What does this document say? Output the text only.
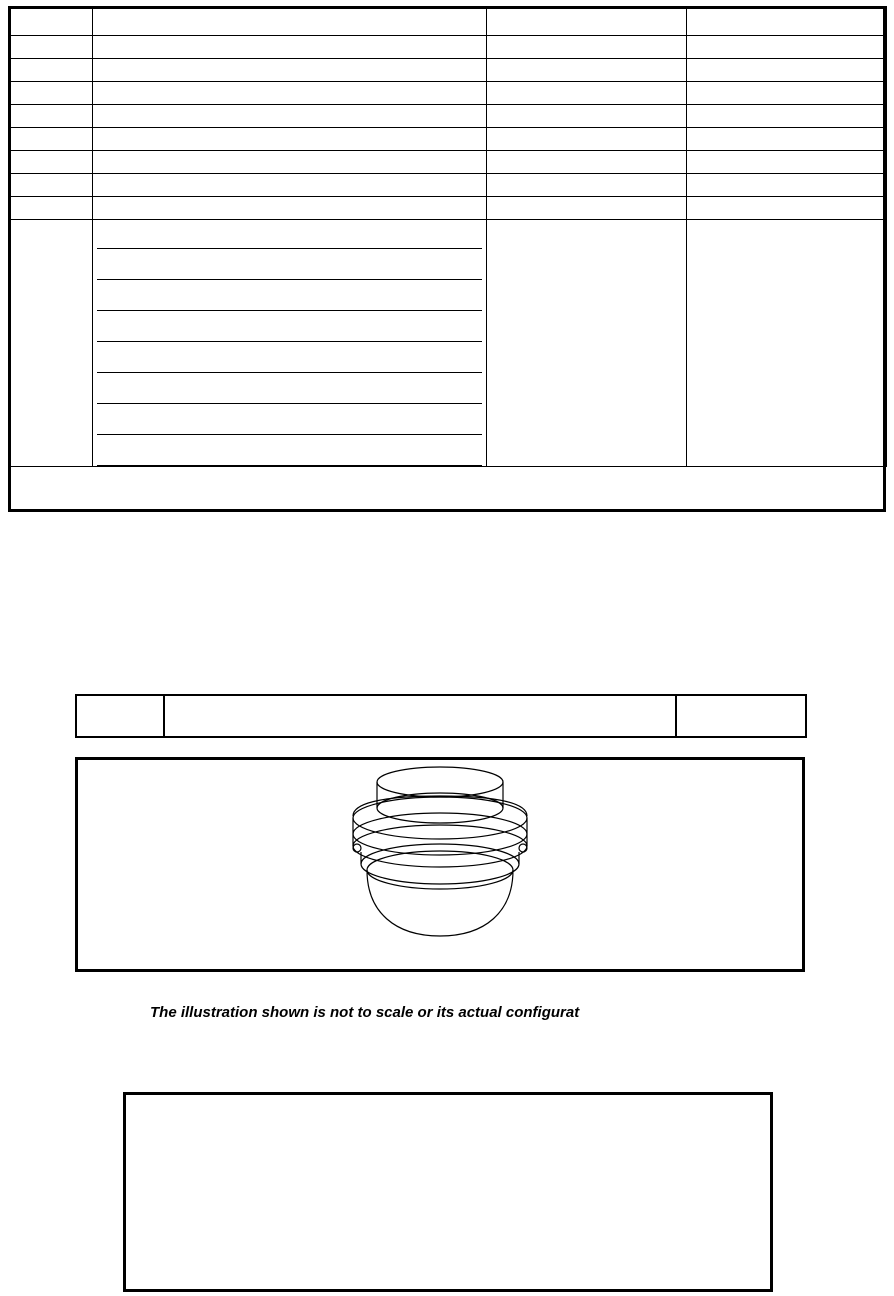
The illustration shown is not to scale or its actual configurat
